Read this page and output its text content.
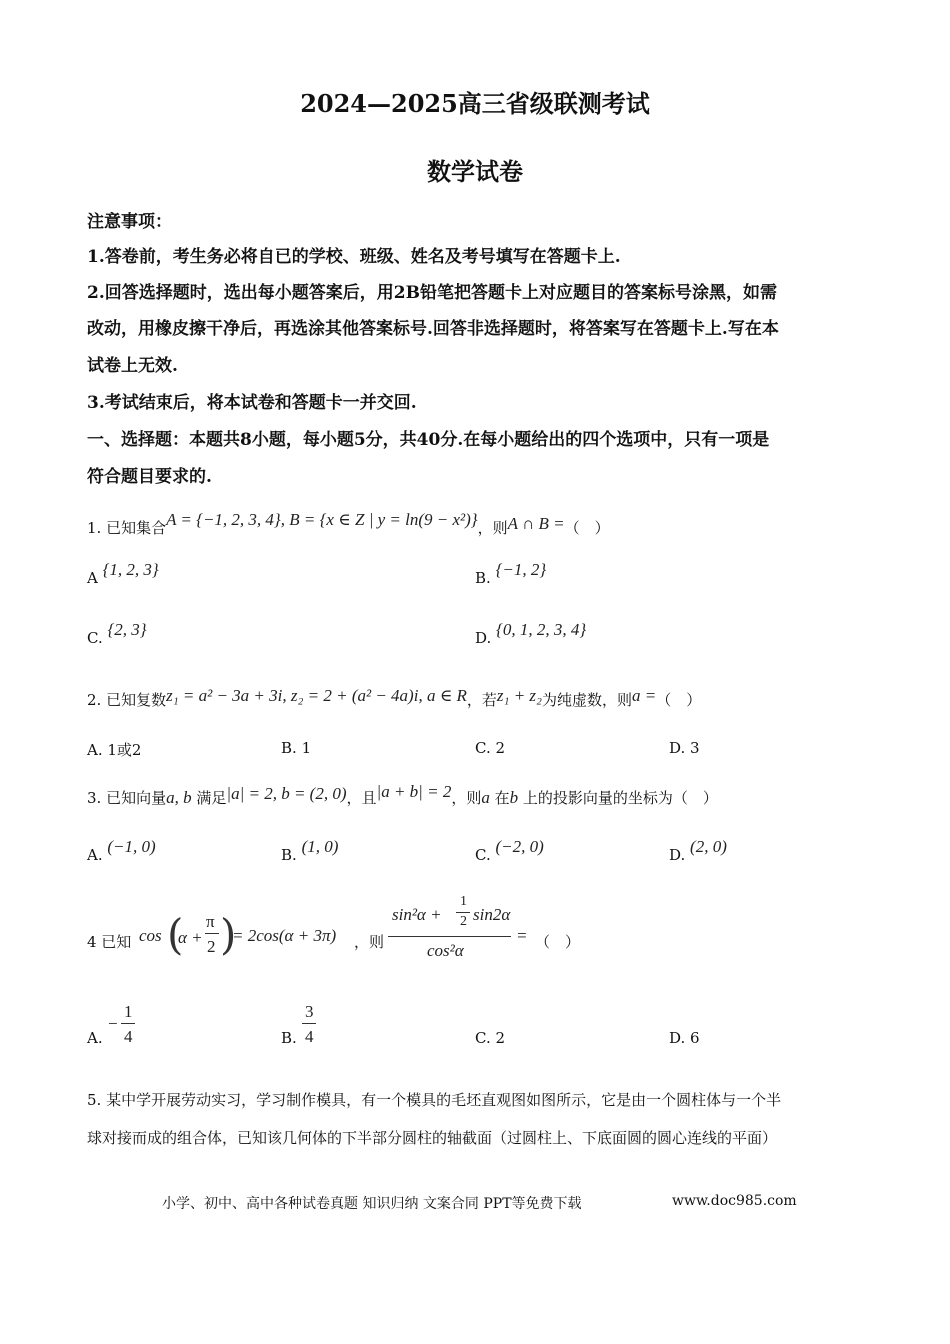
2024—2025高三省级联测考试
数学试卷
注意事项：
1.答卷前，考生务必将自已的学校、班级、姓名及考号填写在答题卡上.
2.回答选择题时，选出每小题答案后，用2B铅笔把答题卡上对应题目的答案标号涂黑，如需
改动，用橡皮擦干净后，再选涂其他答案标号.回答非选择题时，将答案写在答题卡上.写在本
试卷上无效.
3.考试结束后，将本试卷和答题卡一并交回.
一、选择题：本题共8小题，每小题5分，共40分.在每小题给出的四个选项中，只有一项是
符合题目要求的.
1. 已知集合A = {−1, 2, 3, 4}, B = {x ∈ Z | y = ln(9 − x²)}，则A ∩ B =（　）
A {1, 2, 3}	B. {−1, 2}
C. {2, 3}	D. {0, 1, 2, 3, 4}
2. 已知复数z₁ = a² − 3a + 3i, z₂ = 2 + (a² − 4a)i, a ∈ R，若z₁ + z₂为纯虚数，则a =（　）
A. 1或2	B. 1	C. 2	D. 3
3. 已知向量a, b 满足|a| = 2, b = (2, 0)，且|a + b| = 2，则a 在b 上的投影向量的坐标为（　）
A. (−1, 0)	B. (1, 0)	C. (−2, 0)	D. (2, 0)
4 已知 cos (
α +
π
2 )
= 2cos(α + 3π) ，则
sin²α +
1
2 sin2α
cos²α
= （　）
A.
−
1
4	B.
3
4	C. 2	D. 6
5. 某中学开展劳动实习，学习制作模具，有一个模具的毛坯直观图如图所示，它是由一个圆柱体与一个半
球对接而成的组合体，已知该几何体的下半部分圆柱的轴截面（过圆柱上、下底面圆的圆心连线的平面）
小学、初中、高中各种试卷真题 知识归纳 文案合同 PPT等免费下载	www.doc985.com
